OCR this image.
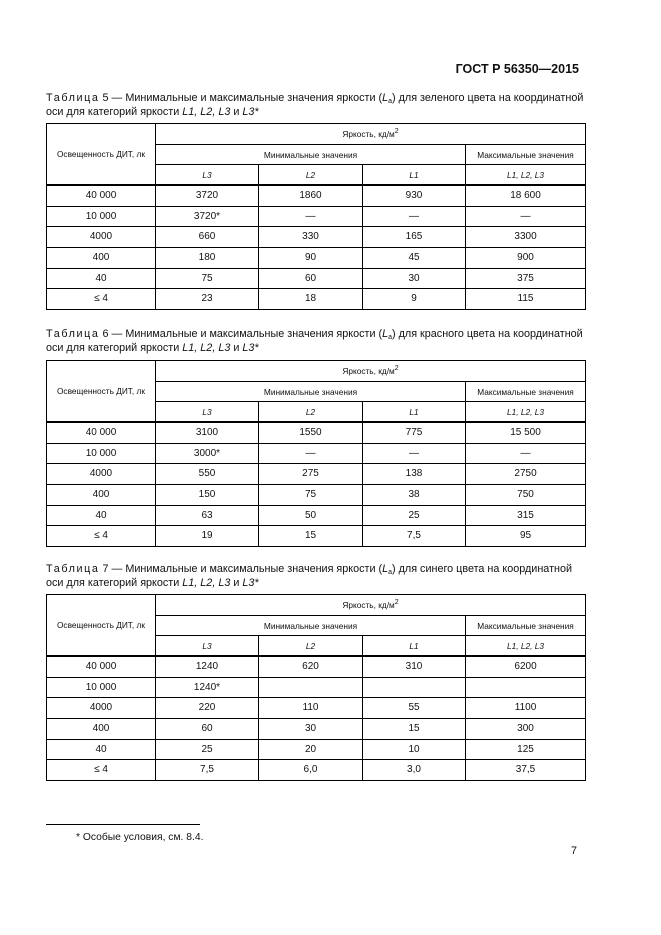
ГОСТ Р 56350—2015
Таблица 5 — Минимальные и максимальные значения яркости $(L_a)$ для зеленого цвета на координатной оси для категорий яркости L1, L2, L3 и L3*
Освещенность ДИТ, лк	Яркость, $кд/м^2$
	Минимальные значения			Максимальные значения
	L3	L2	L1	L1, L2, L3
40 000	3720	1860	930	18 600
10 000	3720*	—	—	—
4000	660	330	165	3300
400	180	90	45	900
40	75	60	30	375
≤ 4	23	18	9	115
Таблица 6 — Минимальные и максимальные значения яркости $(L_a)$ для красного цвета на координатной оси для категорий яркости L1, L2, L3 и L3*
Освещенность ДИТ, лк	Яркость, $кд/м^2$
	Минимальные значения			Максимальные значения
	L3	L2	L1	L1, L2, L3
40 000	3100	1550	775	15 500
10 000	3000*	—	—	—
4000	550	275	138	2750
400	150	75	38	750
40	63	50	25	315
≤ 4	19	15	7,5	95
Таблица 7 — Минимальные и максимальные значения яркости $(L_a)$ для синего цвета на координатной оси для категорий яркости L1, L2, L3 и L3*
Освещенность ДИТ, лк	Яркость, $кд/м^2$
	Минимальные значения			Максимальные значения
	L3	L2	L1	L1, L2, L3
40 000	1240	620	310	6200
10 000	1240*			
4000	220	110	55	1100
400	60	30	15	300
40	25	20	10	125
≤ 4	7,5	6,0	3,0	37,5
* Особые условия, см. 8.4.
7
